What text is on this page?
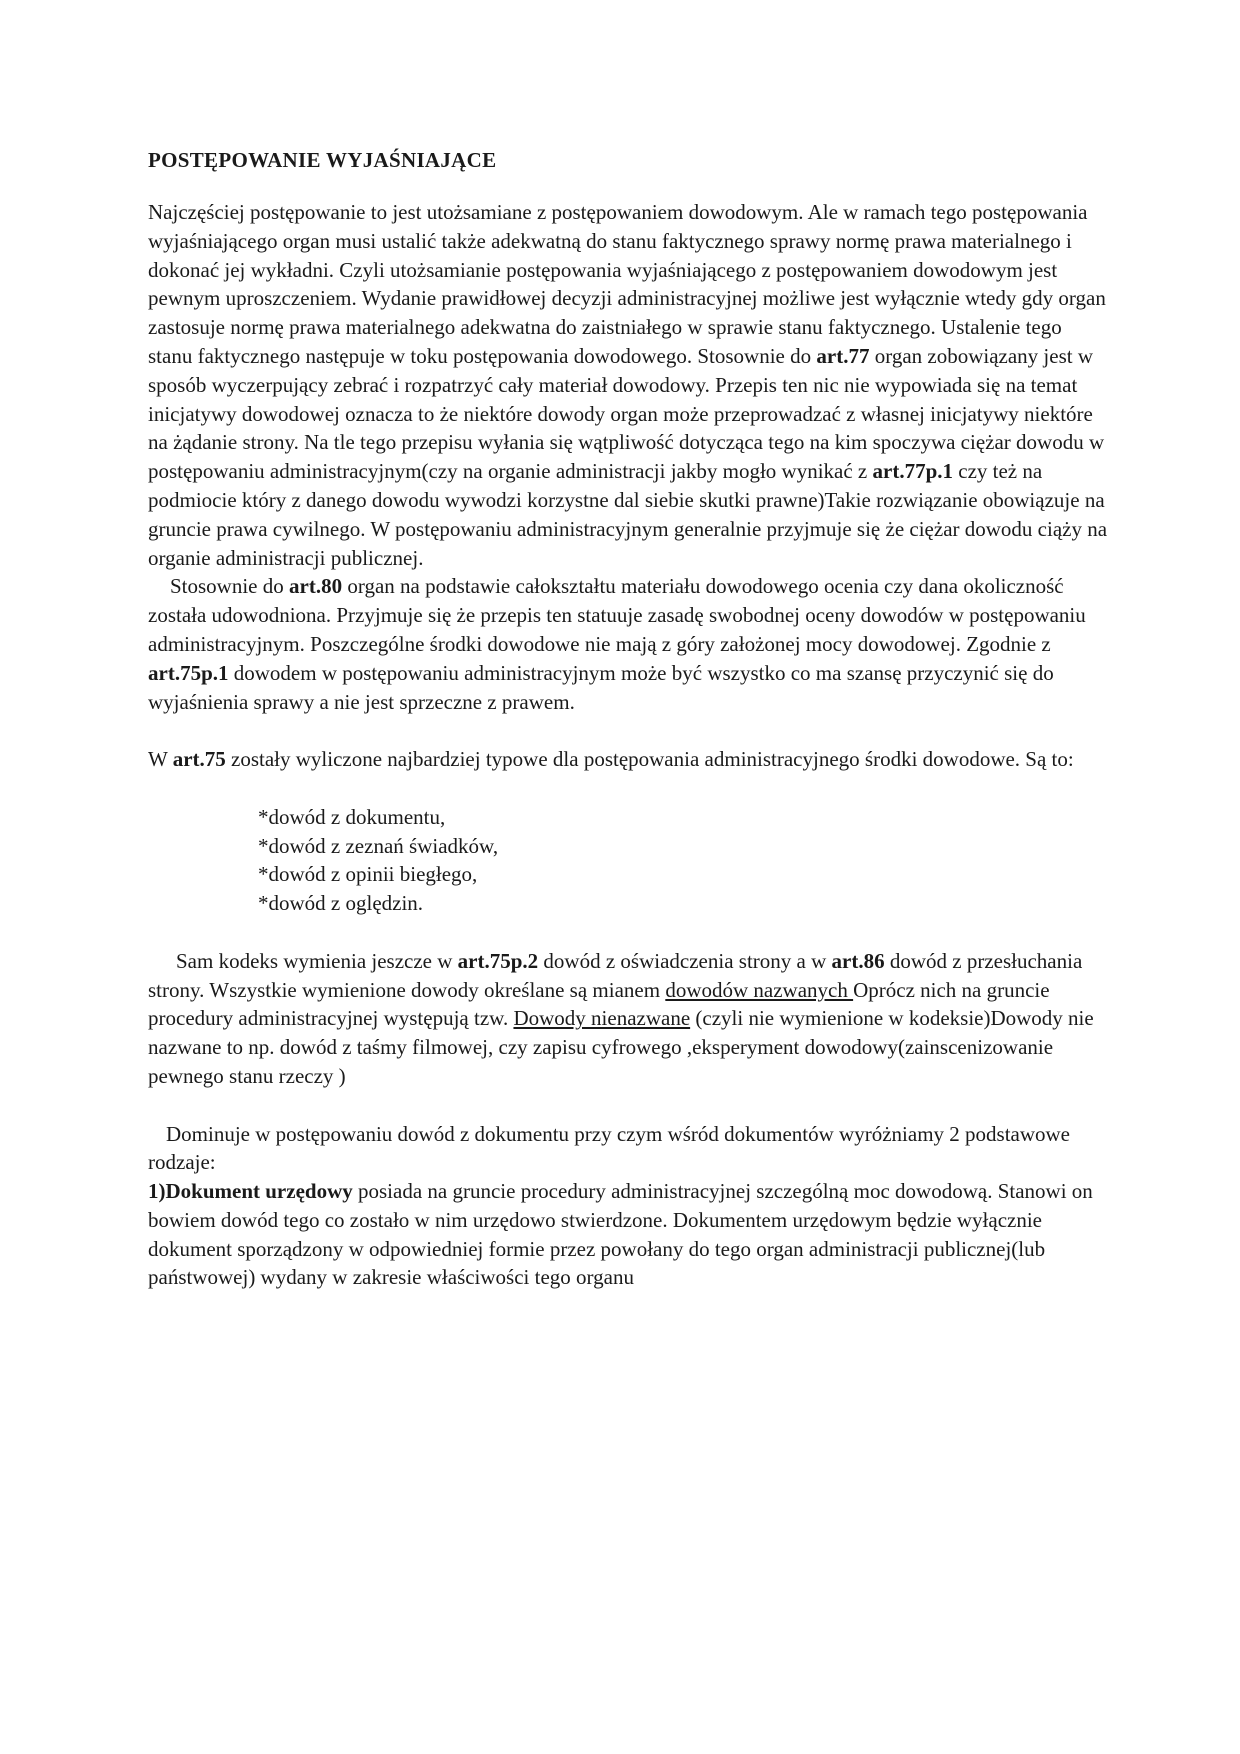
POSTĘPOWANIE WYJAŚNIAJĄCE

Najczęściej postępowanie to jest utożsamiane z postępowaniem dowodowym. Ale w ramach tego postępowania wyjaśniającego organ musi ustalić także adekwatną do stanu faktycznego sprawy normę prawa materialnego i dokonać jej wykładni. Czyli utożsamianie postępowania wyjaśniającego z postępowaniem dowodowym jest pewnym uproszczeniem. Wydanie prawidłowej decyzji administracyjnej możliwe jest wyłącznie wtedy gdy organ zastosuje normę prawa materialnego adekwatna do zaistniałego w sprawie stanu faktycznego. Ustalenie tego stanu faktycznego następuje w toku postępowania dowodowego. Stosownie do art.77 organ zobowiązany jest w sposób wyczerpujący zebrać i rozpatrzyć cały materiał dowodowy. Przepis ten nic nie wypowiada się na temat inicjatywy dowodowej oznacza to że niektóre dowody organ może przeprowadzać z własnej inicjatywy niektóre na żądanie strony. Na tle tego przepisu wyłania się wątpliwość dotycząca tego na kim spoczywa ciężar dowodu w postępowaniu administracyjnym(czy na organie administracji jakby mogło wynikać z art.77p.1 czy też na podmiocie który z danego dowodu wywodzi korzystne dal siebie skutki prawne)Takie rozwiązanie obowiązuje na gruncie prawa cywilnego. W postępowaniu administracyjnym generalnie przyjmuje się że ciężar dowodu ciąży na organie administracji publicznej.

Stosownie do art.80 organ na podstawie całokształtu materiału dowodowego ocenia czy dana okoliczność została udowodniona. Przyjmuje się że przepis ten statuuje zasadę swobodnej oceny dowodów w postępowaniu administracyjnym. Poszczególne środki dowodowe nie mają z góry założonej mocy dowodowej. Zgodnie z art.75p.1 dowodem w postępowaniu administracyjnym może być wszystko co ma szansę przyczynić się do wyjaśnienia sprawy a nie jest sprzeczne z prawem.

W art.75 zostały wyliczone najbardziej typowe dla postępowania administracyjnego środki dowodowe. Są to:

*dowód z dokumentu,
*dowód z zeznań świadków,
*dowód z opinii biegłego,
*dowód z oględzin.

Sam kodeks wymienia jeszcze w art.75p.2 dowód z oświadczenia strony a w art.86 dowód z przesłuchania strony. Wszystkie wymienione dowody określane są mianem dowodów nazwanych Oprócz nich na gruncie procedury administracyjnej występują tzw. Dowody nienazwane (czyli nie wymienione w kodeksie)Dowody nie nazwane to np. dowód z taśmy filmowej, czy zapisu cyfrowego ,eksperyment dowodowy(zainscenizowanie pewnego stanu rzeczy )

Dominuje w postępowaniu dowód z dokumentu przy czym wśród dokumentów wyróżniamy 2 podstawowe rodzaje:

1)Dokument urzędowy posiada na gruncie procedury administracyjnej szczególną moc dowodową. Stanowi on bowiem dowód tego co zostało w nim urzędowo stwierdzone. Dokumentem urzędowym będzie wyłącznie dokument sporządzony w odpowiedniej formie przez powołany do tego organ administracji publicznej(lub państwowej) wydany w zakresie właściwości tego organu
